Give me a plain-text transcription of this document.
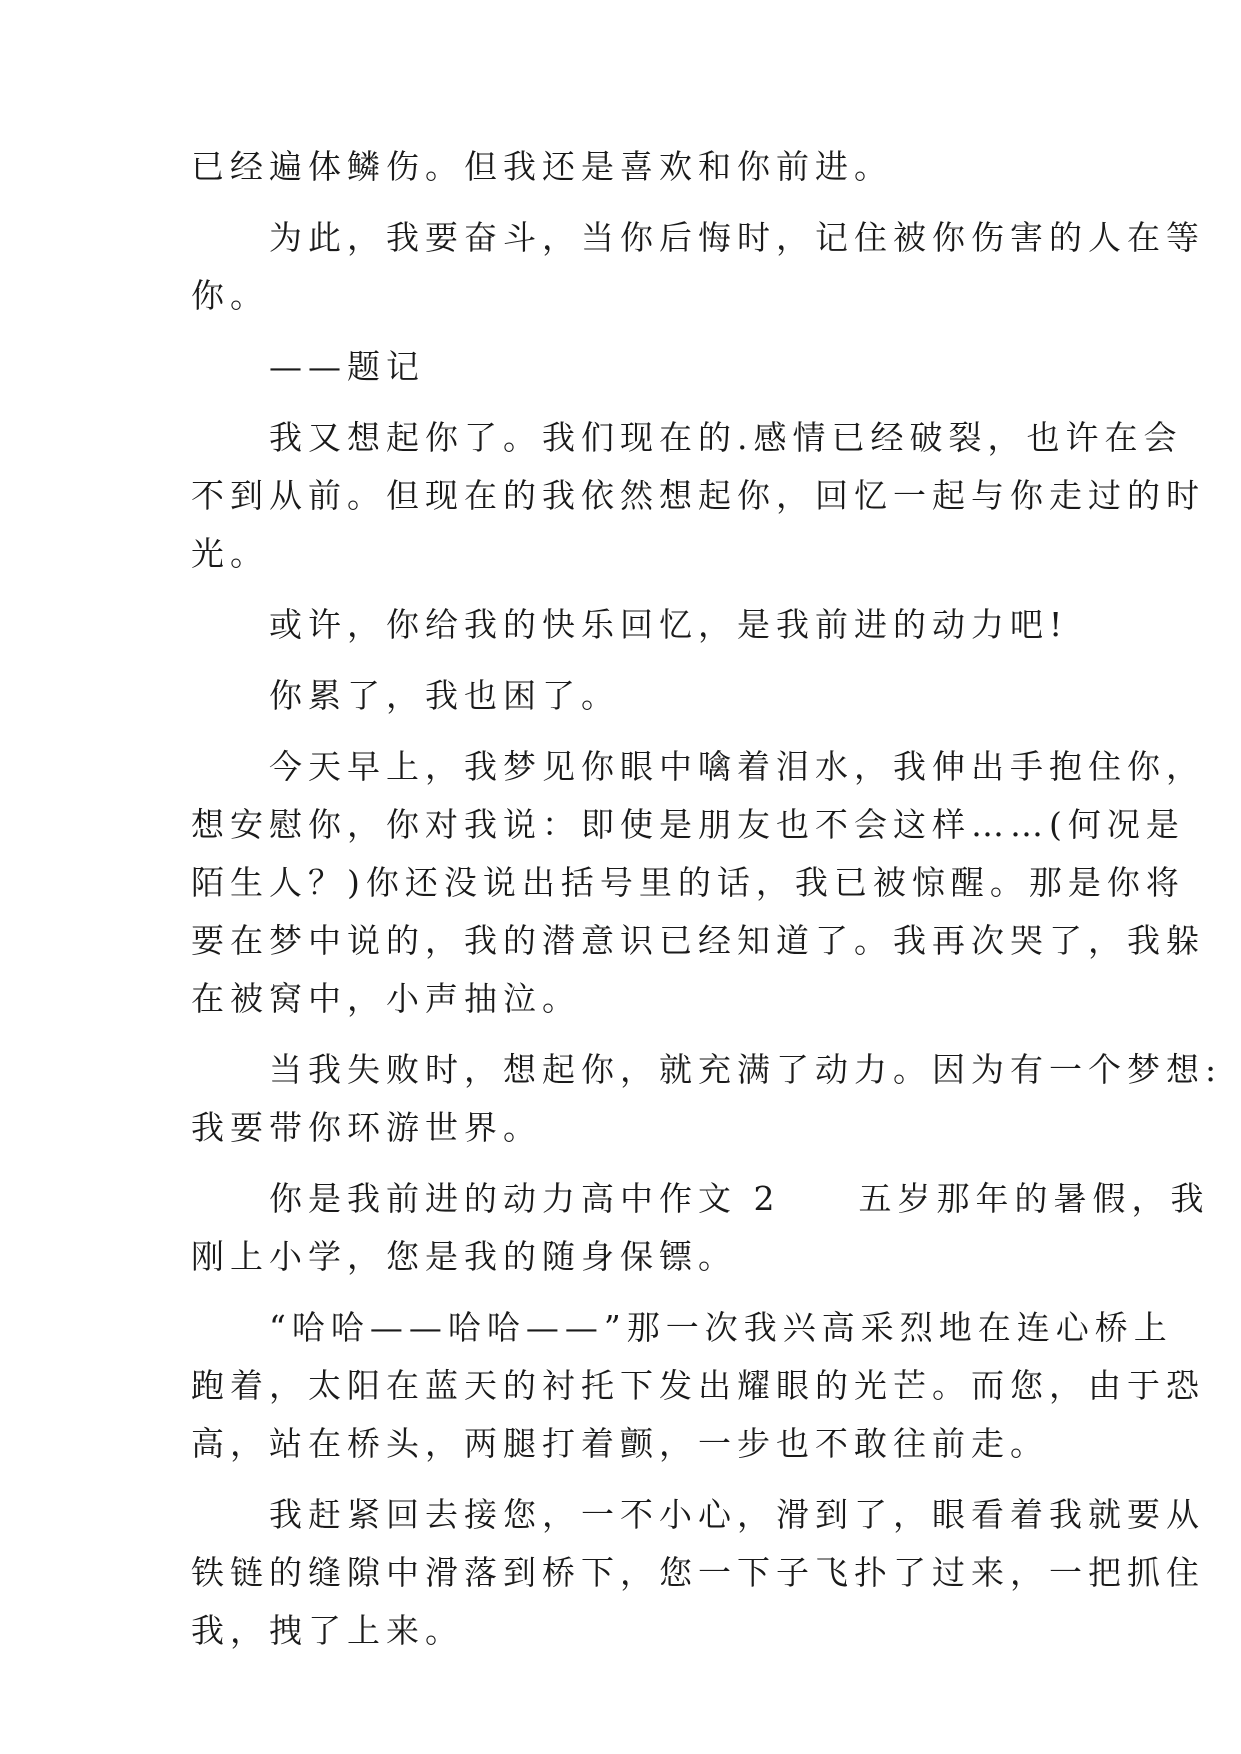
已经遍体鳞伤。但我还是喜欢和你前进。
　　为此，我要奋斗，当你后悔时，记住被你伤害的人在等
你。
　　——题记
　　我又想起你了。我们现在的.感情已经破裂，也许在会
不到从前。但现在的我依然想起你，回忆一起与你走过的时
光。
　　或许，你给我的快乐回忆，是我前进的动力吧!
　　你累了，我也困了。
　　今天早上，我梦见你眼中噙着泪水，我伸出手抱住你，
想安慰你，你对我说：即使是朋友也不会这样……(何况是
陌生人？)你还没说出括号里的话，我已被惊醒。那是你将
要在梦中说的，我的潜意识已经知道了。我再次哭了，我躲
在被窝中，小声抽泣。
　　当我失败时，想起你，就充满了动力。因为有一个梦想:
我要带你环游世界。
　　你是我前进的动力高中作文 2　　五岁那年的暑假，我
刚上小学，您是我的随身保镖。
　　“哈哈——哈哈——”那一次我兴高采烈地在连心桥上
跑着，太阳在蓝天的衬托下发出耀眼的光芒。而您，由于恐
高，站在桥头，两腿打着颤，一步也不敢往前走。
　　我赶紧回去接您，一不小心，滑到了，眼看着我就要从
铁链的缝隙中滑落到桥下，您一下子飞扑了过来，一把抓住
我，拽了上来。
